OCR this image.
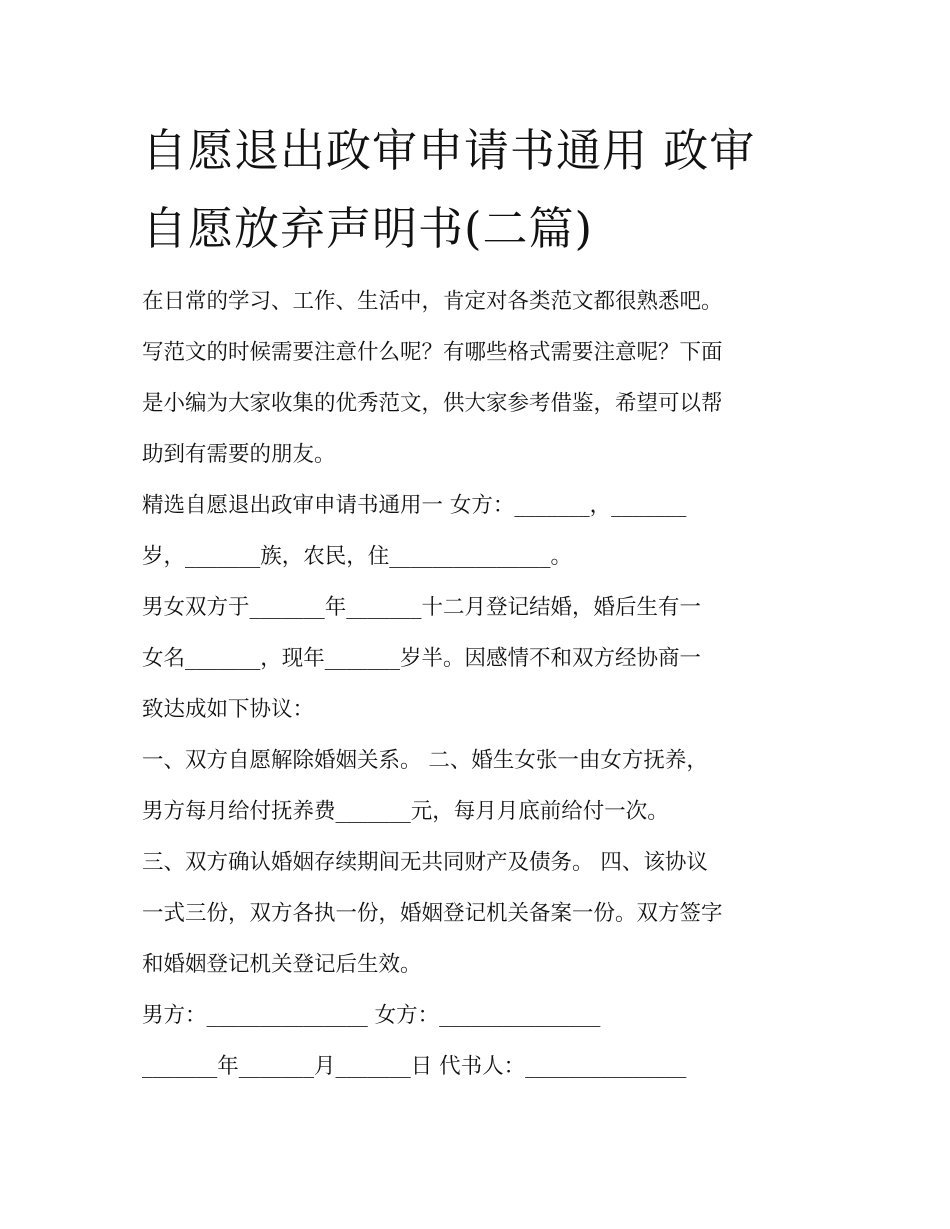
自愿退出政审申请书通用 政审
自愿放弃声明书(二篇)
在日常的学习、工作、生活中，肯定对各类范文都很熟悉吧。
写范文的时候需要注意什么呢？有哪些格式需要注意呢？下面
是小编为大家收集的优秀范文，供大家参考借鉴，希望可以帮
助到有需要的朋友。
精选自愿退出政审申请书通用一 女方：_______，_______
岁，_______族，农民，住_______________。
男女双方于_______年_______十二月登记结婚，婚后生有一
女名_______，现年_______岁半。因感情不和双方经协商一
致达成如下协议：
一、双方自愿解除婚姻关系。 二、婚生女张一由女方抚养，
男方每月给付抚养费_______元，每月月底前给付一次。
三、双方确认婚姻存续期间无共同财产及债务。 四、该协议
一式三份，双方各执一份，婚姻登记机关备案一份。双方签字
和婚姻登记机关登记后生效。
男方：_______________ 女方：_______________
_______年_______月_______日 代书人：_______________
